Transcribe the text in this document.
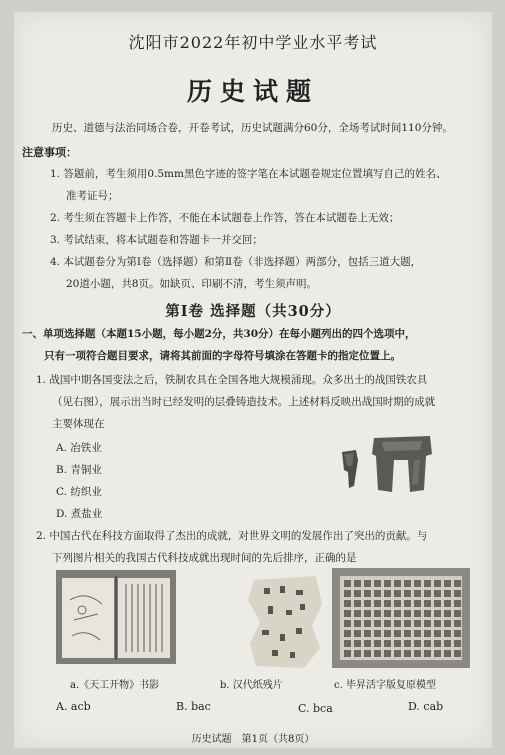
沈阳市2022年初中学业水平考试
历史试题
历史、道德与法治同场合卷，开卷考试，历史试题满分60分，全场考试时间110分钟。
注意事项：
1. 答题前，考生须用0.5mm黑色字迹的签字笔在本试题卷规定位置填写自己的姓名、
准考证号；
2. 考生须在答题卡上作答，不能在本试题卷上作答，答在本试题卷上无效；
3. 考试结束，将本试题卷和答题卡一并交回；
4. 本试题卷分为第Ⅰ卷（选择题）和第Ⅱ卷（非选择题）两部分，包括三道大题，
20道小题，共8页。如缺页、印刷不清，考生须声明。
第Ⅰ卷 选择题（共30分）
一、单项选择题（本题15小题，每小题2分，共30分）在每小题列出的四个选项中，
只有一项符合题目要求，请将其前面的字母符号填涂在答题卡的指定位置上。
1. 战国中期各国变法之后，铁制农具在全国各地大规模涌现。众多出土的战国铁农具
（见右图），展示出当时已经发明的层叠铸造技术。上述材料反映出战国时期的成就
主要体现在
A. 冶铁业
B. 青铜业
C. 纺织业
D. 煮盐业
2. 中国古代在科技方面取得了杰出的成就，对世界文明的发展作出了突出的贡献。与
下列图片相关的我国古代科技成就出现时间的先后排序，正确的是
a.《天工开物》书影	b. 汉代纸残片	c. 毕昇活字版复原模型
A. acb	B. bac	C. bca	D. cab
历史试题　第1页（共8页）
